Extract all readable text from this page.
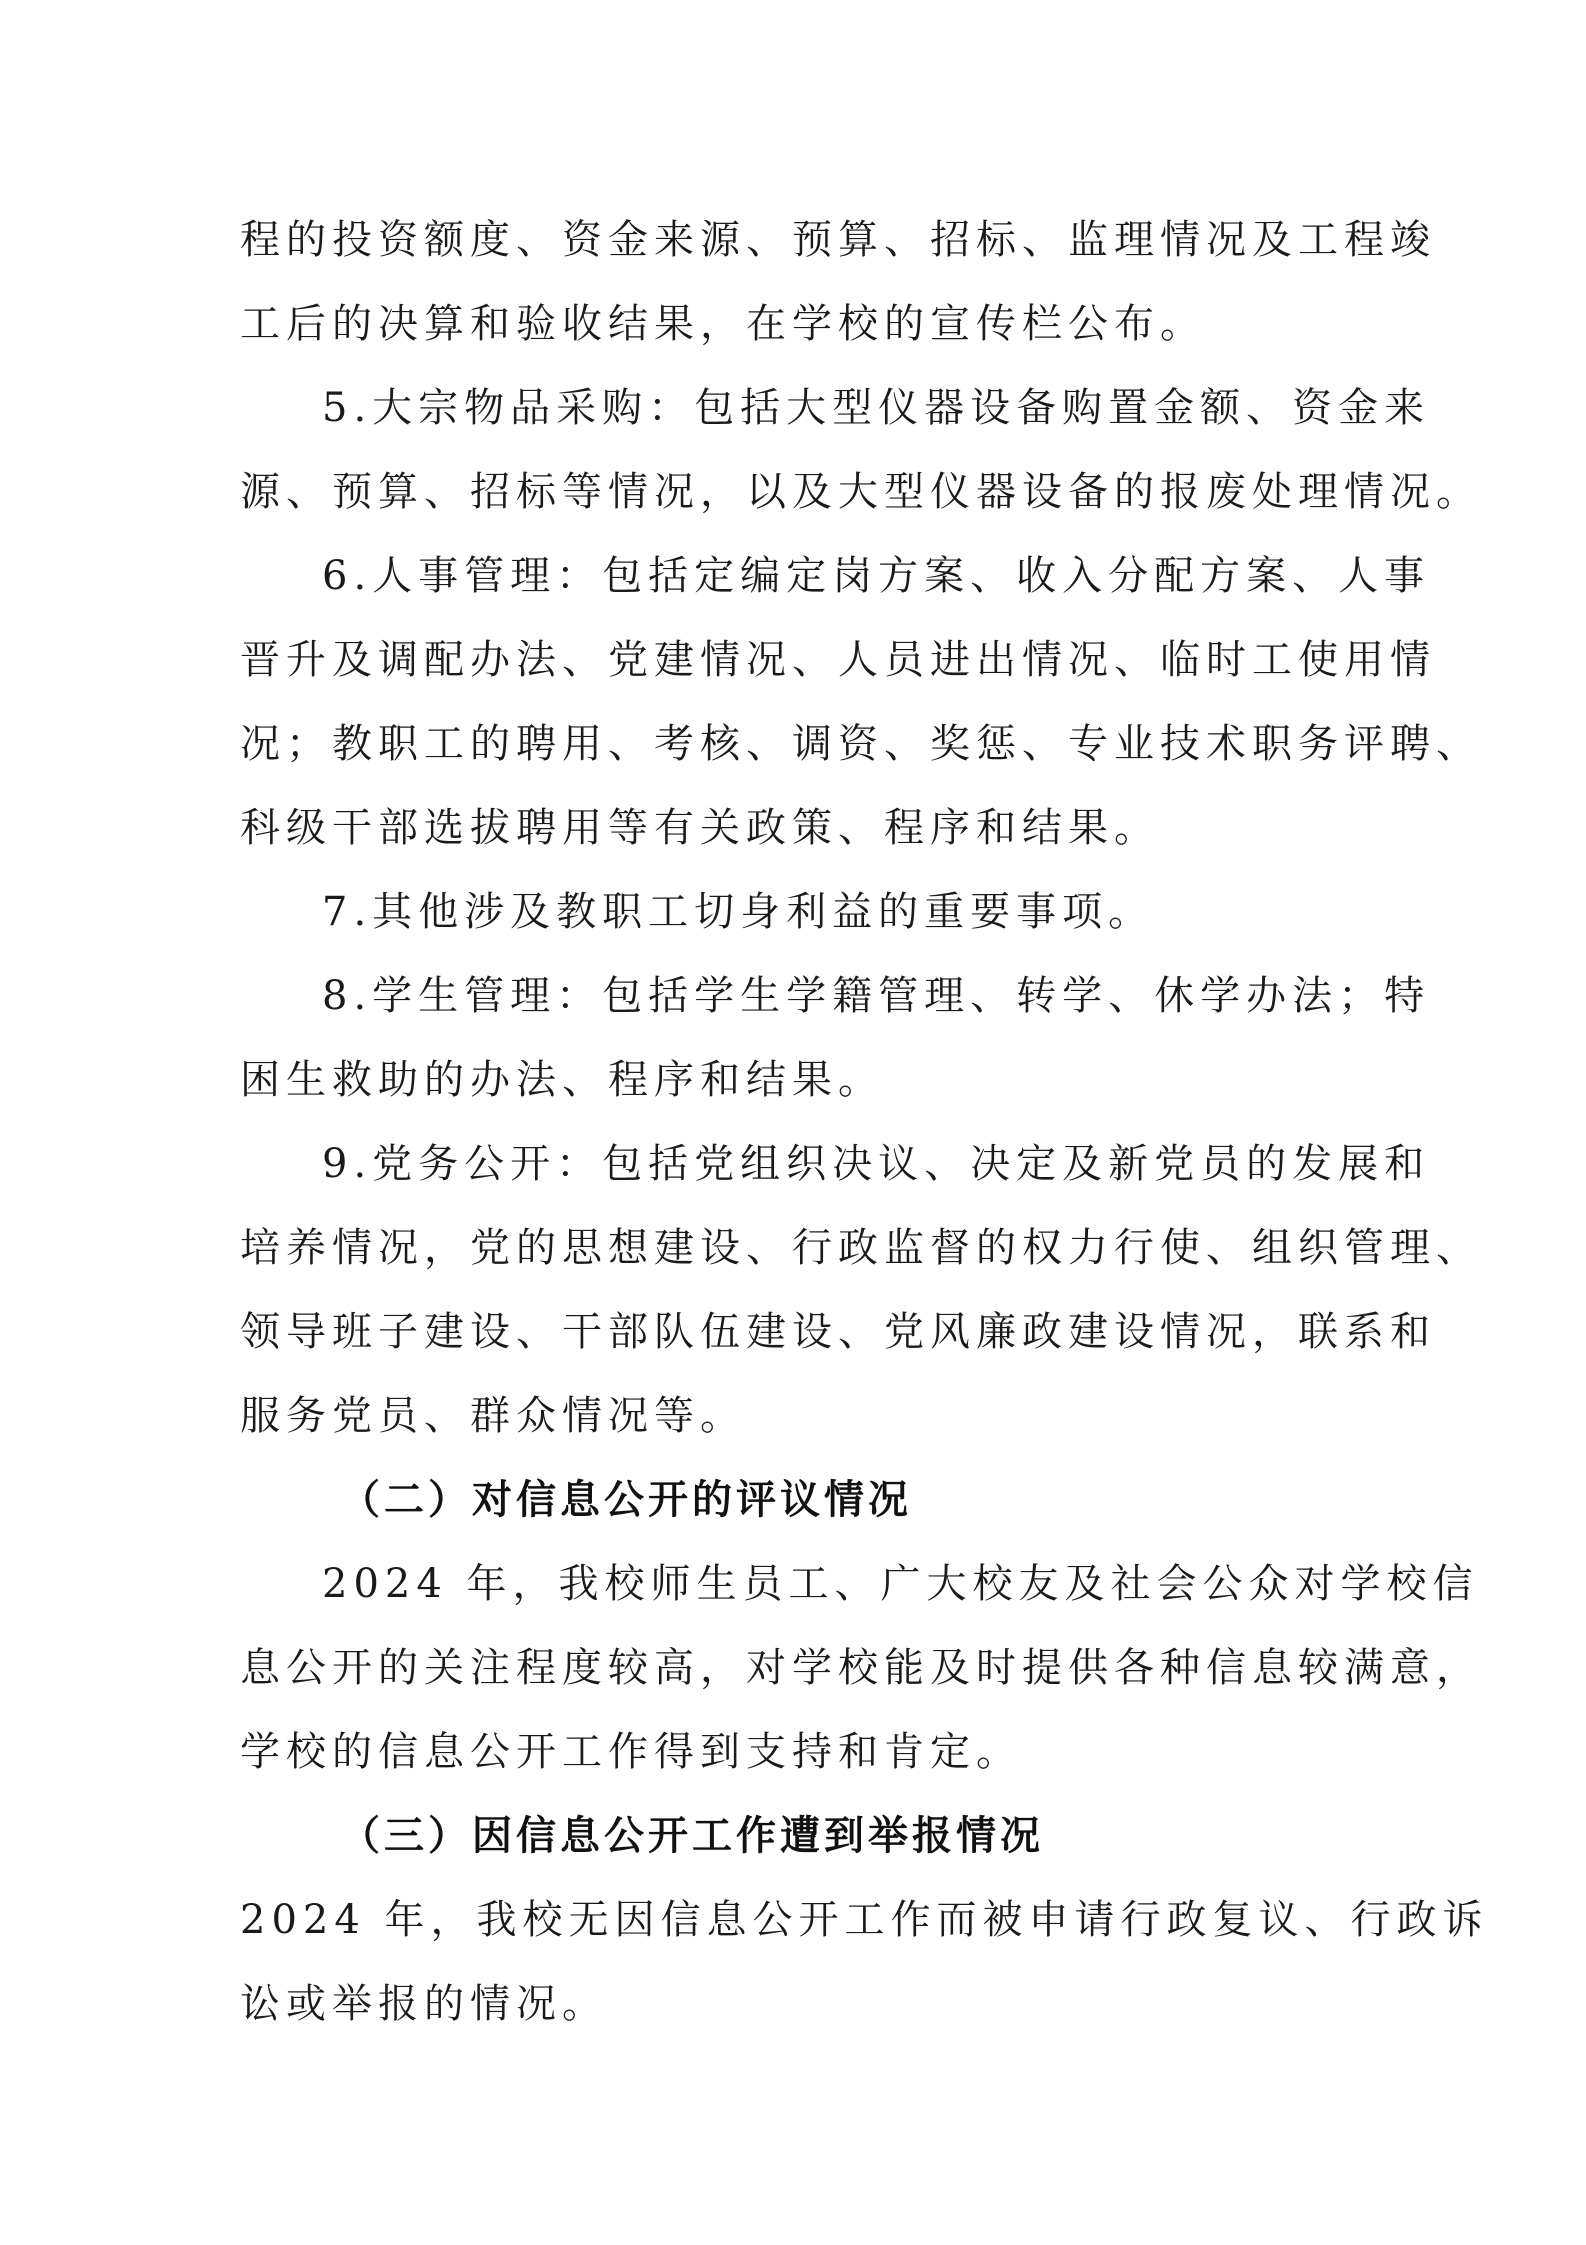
程的投资额度、资金来源、预算、招标、监理情况及工程竣
工后的决算和验收结果，在学校的宣传栏公布。
5.大宗物品采购：包括大型仪器设备购置金额、资金来
源、预算、招标等情况，以及大型仪器设备的报废处理情况。
6.人事管理：包括定编定岗方案、收入分配方案、人事
晋升及调配办法、党建情况、人员进出情况、临时工使用情
况；教职工的聘用、考核、调资、奖惩、专业技术职务评聘、
科级干部选拔聘用等有关政策、程序和结果。
7.其他涉及教职工切身利益的重要事项。
8.学生管理：包括学生学籍管理、转学、休学办法；特
困生救助的办法、程序和结果。
9.党务公开：包括党组织决议、决定及新党员的发展和
培养情况，党的思想建设、行政监督的权力行使、组织管理、
领导班子建设、干部队伍建设、党风廉政建设情况，联系和
服务党员、群众情况等。
（二）对信息公开的评议情况
2024 年，我校师生员工、广大校友及社会公众对学校信
息公开的关注程度较高，对学校能及时提供各种信息较满意，
学校的信息公开工作得到支持和肯定。
（三）因信息公开工作遭到举报情况
2024 年，我校无因信息公开工作而被申请行政复议、行政诉
讼或举报的情况。
